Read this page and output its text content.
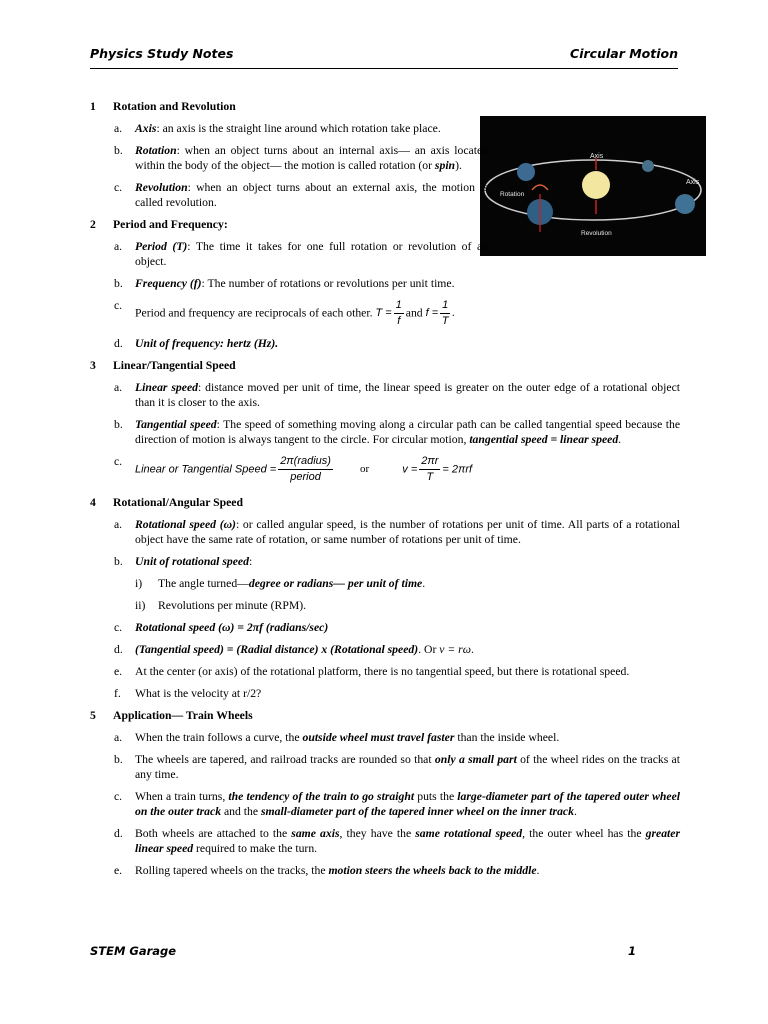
Physics Study Notes	Circular Motion
Axis
Axis
Rotation
Revolution
1	Rotation and Revolution
a.	Axis: an axis is the straight line around which rotation take place.
b.	Rotation: when an object turns about an internal axis— an axis located within the body of the object— the motion is called rotation (or spin).
c.	Revolution: when an object turns about an external axis, the motion is called revolution.
2	Period and Frequency:
a.	Period (T): The time it takes for one full rotation or revolution of an object.
b.	Frequency (f): The number of rotations or revolutions per unit time.
c.
Period and frequency are reciprocals of each other. $T = \frac{1}{f}$ and $f = \frac{1}{T}$ .
d.	Unit of frequency: hertz (Hz).
3	Linear/Tangential Speed
a.	Linear speed: distance moved per unit of time, the linear speed is greater on the outer edge of a rotational object than it is closer to the axis.
b.	Tangential speed: The speed of something moving along a circular path can be called tangential speed because the direction of motion is always tangent to the circle. For circular motion, tangential speed = linear speed.
c.
Linear or Tangential Speed = $\frac{\text{2π(radius)}}{\text{period}}$ or	$v = \frac{2\pi r}{T} = 2\pi rf$
4	Rotational/Angular Speed
a.	Rotational speed (ω): or called angular speed, is the number of rotations per unit of time. All parts of a rotational object have the same rate of rotation, or same number of rotations per unit of time.
b.	Unit of rotational speed:
i)	The angle turned—degree or radians— per unit of time.
ii)	Revolutions per minute (RPM).
c.	Rotational speed (ω) = 2πf (radians/sec)
d.	(Tangential speed) = (Radial distance) x (Rotational speed). Or v = rω.
e.	At the center (or axis) of the rotational platform, there is no tangential speed, but there is rotational speed.
f.	What is the velocity at r/2?
5	Application— Train Wheels
a.	When the train follows a curve, the outside wheel must travel faster than the inside wheel.
b.	The wheels are tapered, and railroad tracks are rounded so that only a small part of the wheel rides on the tracks at any time.
c.	When a train turns, the tendency of the train to go straight puts the large-diameter part of the tapered outer wheel on the outer track and the small-diameter part of the tapered inner wheel on the inner track.
d.	Both wheels are attached to the same axis, they have the same rotational speed, the outer wheel has the greater linear speed required to make the turn.
e.	Rolling tapered wheels on the tracks, the motion steers the wheels back to the middle.
STEM Garage	1
